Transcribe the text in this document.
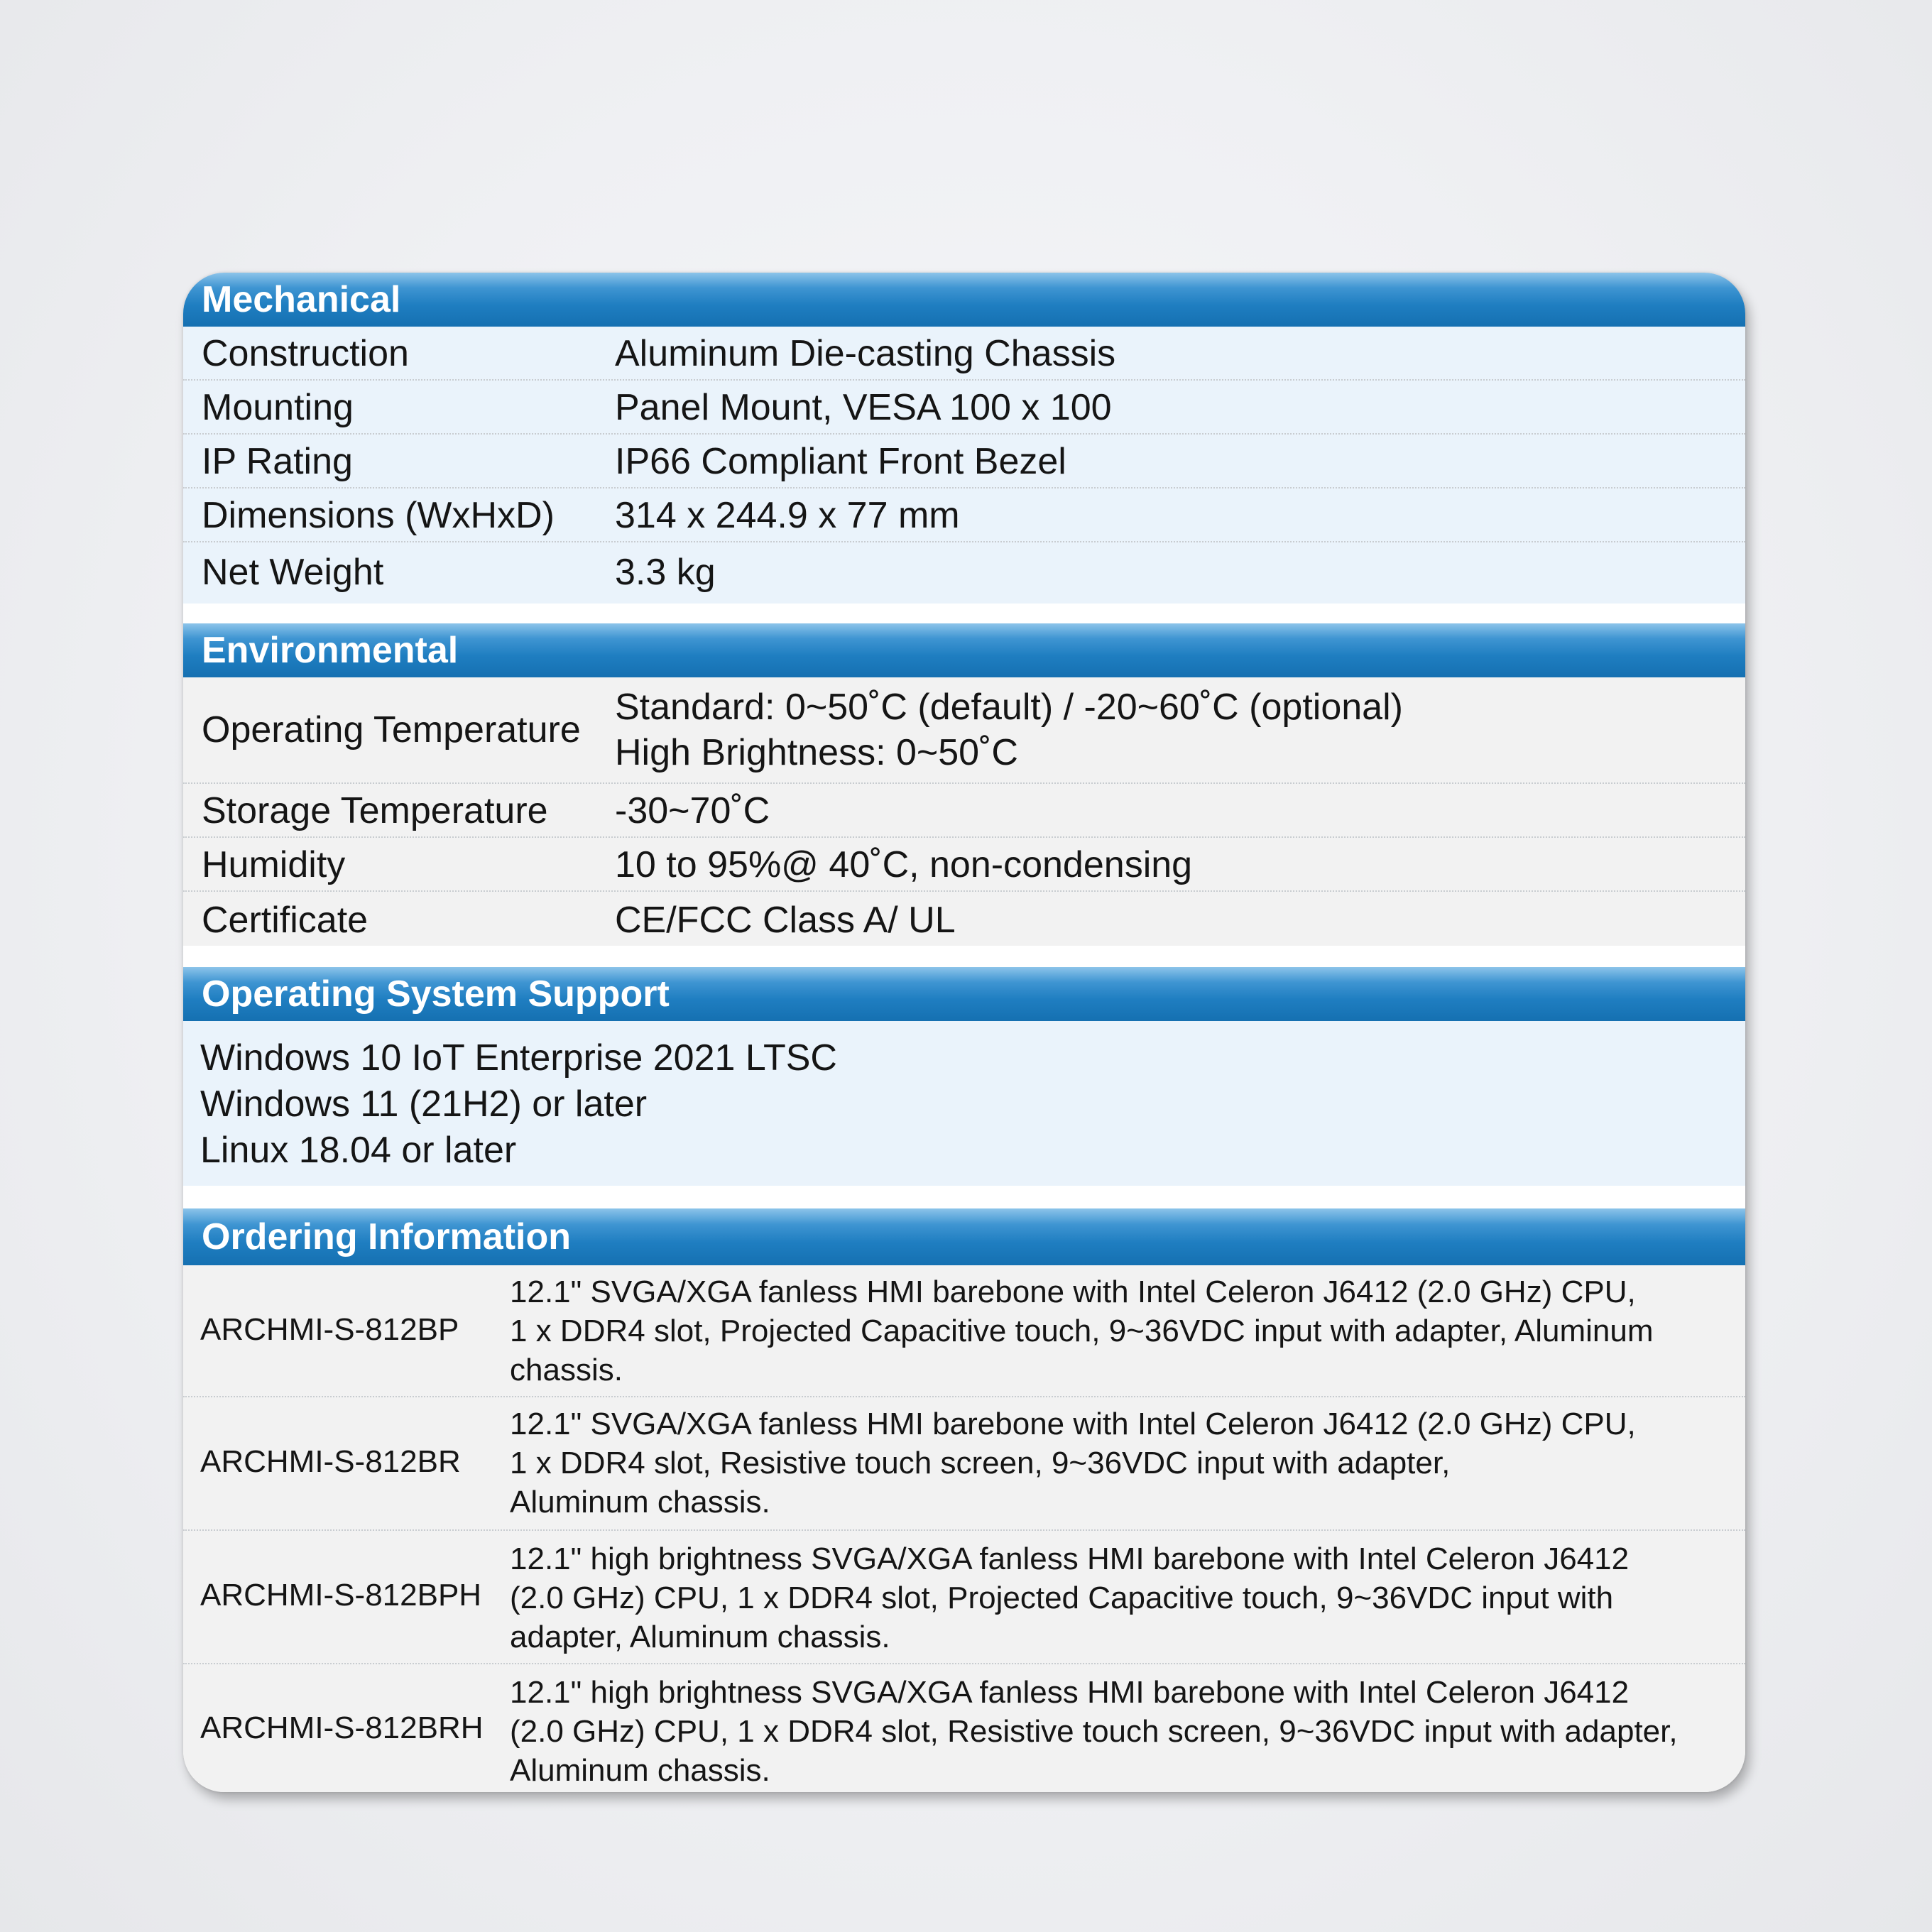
Mechanical
Construction	Aluminum Die-casting Chassis
Mounting	Panel Mount, VESA 100 x 100
IP Rating	IP66 Compliant Front Bezel
Dimensions (WxHxD) 314 x 244.9 x 77 mm
Net Weight	3.3 kg
Environmental
Operating Temperature
Standard: 0~50˚C (default) / -20~60˚C (optional)
High Brightness: 0~50˚C
Storage Temperature -30~70˚C
Humidity	10 to 95%@ 40˚C, non-condensing
Certificate	CE/FCC Class A/ UL
Operating System Support
Windows 10 IoT Enterprise 2021 LTSC
Windows 11 (21H2) or later
Linux 18.04 or later
Ordering Information
ARCHMI-S-812BP
12.1" SVGA/XGA fanless HMI barebone with Intel Celeron J6412 (2.0 GHz) CPU,
1 x DDR4 slot, Projected Capacitive touch, 9~36VDC input with adapter, Aluminum
chassis.
ARCHMI-S-812BR
12.1" SVGA/XGA fanless HMI barebone with Intel Celeron J6412 (2.0 GHz) CPU,
1 x DDR4 slot, Resistive touch screen, 9~36VDC input with adapter,
Aluminum chassis.
ARCHMI-S-812BPH
12.1" high brightness SVGA/XGA fanless HMI barebone with Intel Celeron J6412
(2.0 GHz) CPU, 1 x DDR4 slot, Projected Capacitive touch, 9~36VDC input with
adapter, Aluminum chassis.
ARCHMI-S-812BRH
12.1" high brightness SVGA/XGA fanless HMI barebone with Intel Celeron J6412
(2.0 GHz) CPU, 1 x DDR4 slot, Resistive touch screen, 9~36VDC input with adapter,
Aluminum chassis.
